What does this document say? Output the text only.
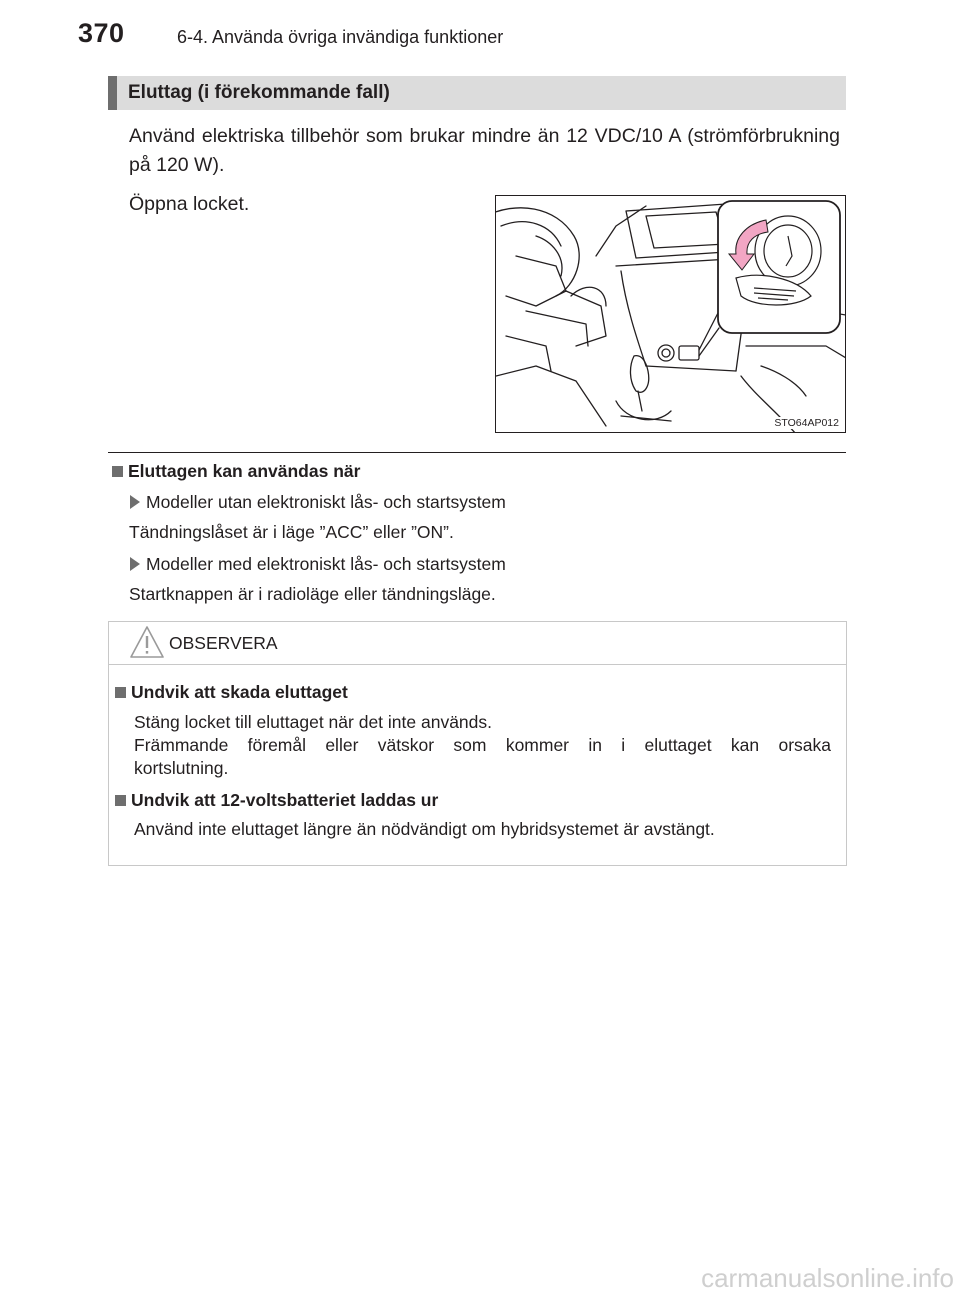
370	6-4. Använda övriga invändiga funktioner
Eluttag (i förekommande fall)
Använd elektriska tillbehör som brukar mindre än 12 VDC/10 A (strömförbrukning på 120 W).
Öppna locket.
STO64AP012
Eluttagen kan användas när
Modeller utan elektroniskt lås- och startsystem
Tändningslåset är i läge ”ACC” eller ”ON”.
Modeller med elektroniskt lås- och startsystem
Startknappen är i radioläge eller tändningsläge.
OBSERVERA
Undvik att skada eluttaget
Stäng locket till eluttaget när det inte används.
Främmande föremål eller vätskor som kommer in i eluttaget kan orsaka
kortslutning.
Undvik att 12-voltsbatteriet laddas ur
Använd inte eluttaget längre än nödvändigt om hybridsystemet är avstängt.
carmanualsonline.info
